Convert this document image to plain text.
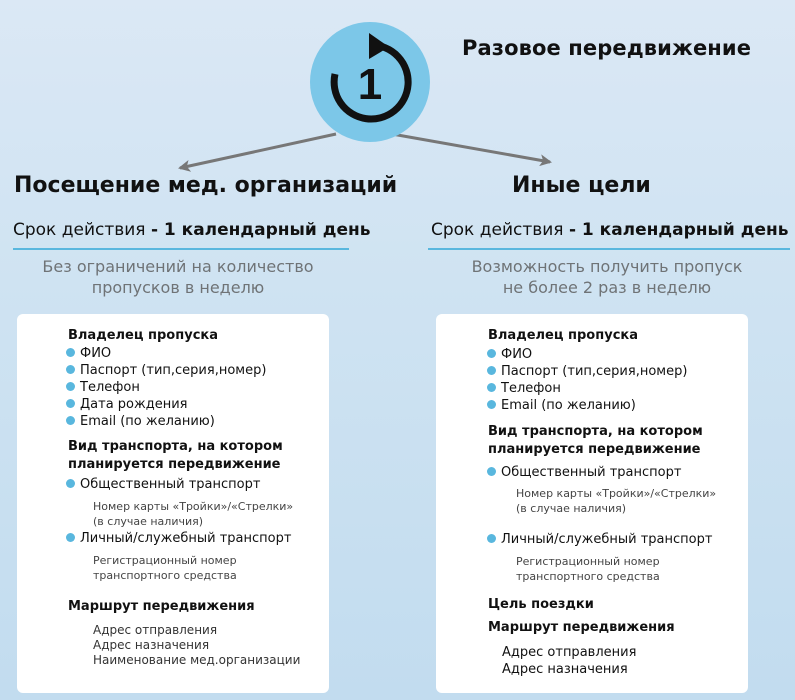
1
Разовое передвижение
Посещение мед. организаций
Срок действия - 1 календарный день
Без ограничений на количество
пропусков в неделю
Владелец пропуска
ФИО
Паспорт (тип,серия,номер)
Телефон
Дата рождения
Email (по желанию)
Вид транспорта, на котором
планируется передвижение
Общественный транспорт
Номер карты «Тройки»/«Стрелки»
(в случае наличия)
Личный/служебный транспорт
Регистрационный номер
транспортного средства
Маршрут передвижения
Адрес отправления
Адрес назначения
Наименование мед.организации
Иные цели
Срок действия - 1 календарный день
Возможность получить пропуск
не более 2 раз в неделю
Владелец пропуска
ФИО
Паспорт (тип,серия,номер)
Телефон
Email (по желанию)
Вид транспорта, на котором
планируется передвижение
Общественный транспорт
Номер карты «Тройки»/«Стрелки»
(в случае наличия)
Личный/служебный транспорт
Регистрационный номер
транспортного средства
Цель поездки
Маршрут передвижения
Адрес отправления
Адрес назначения
